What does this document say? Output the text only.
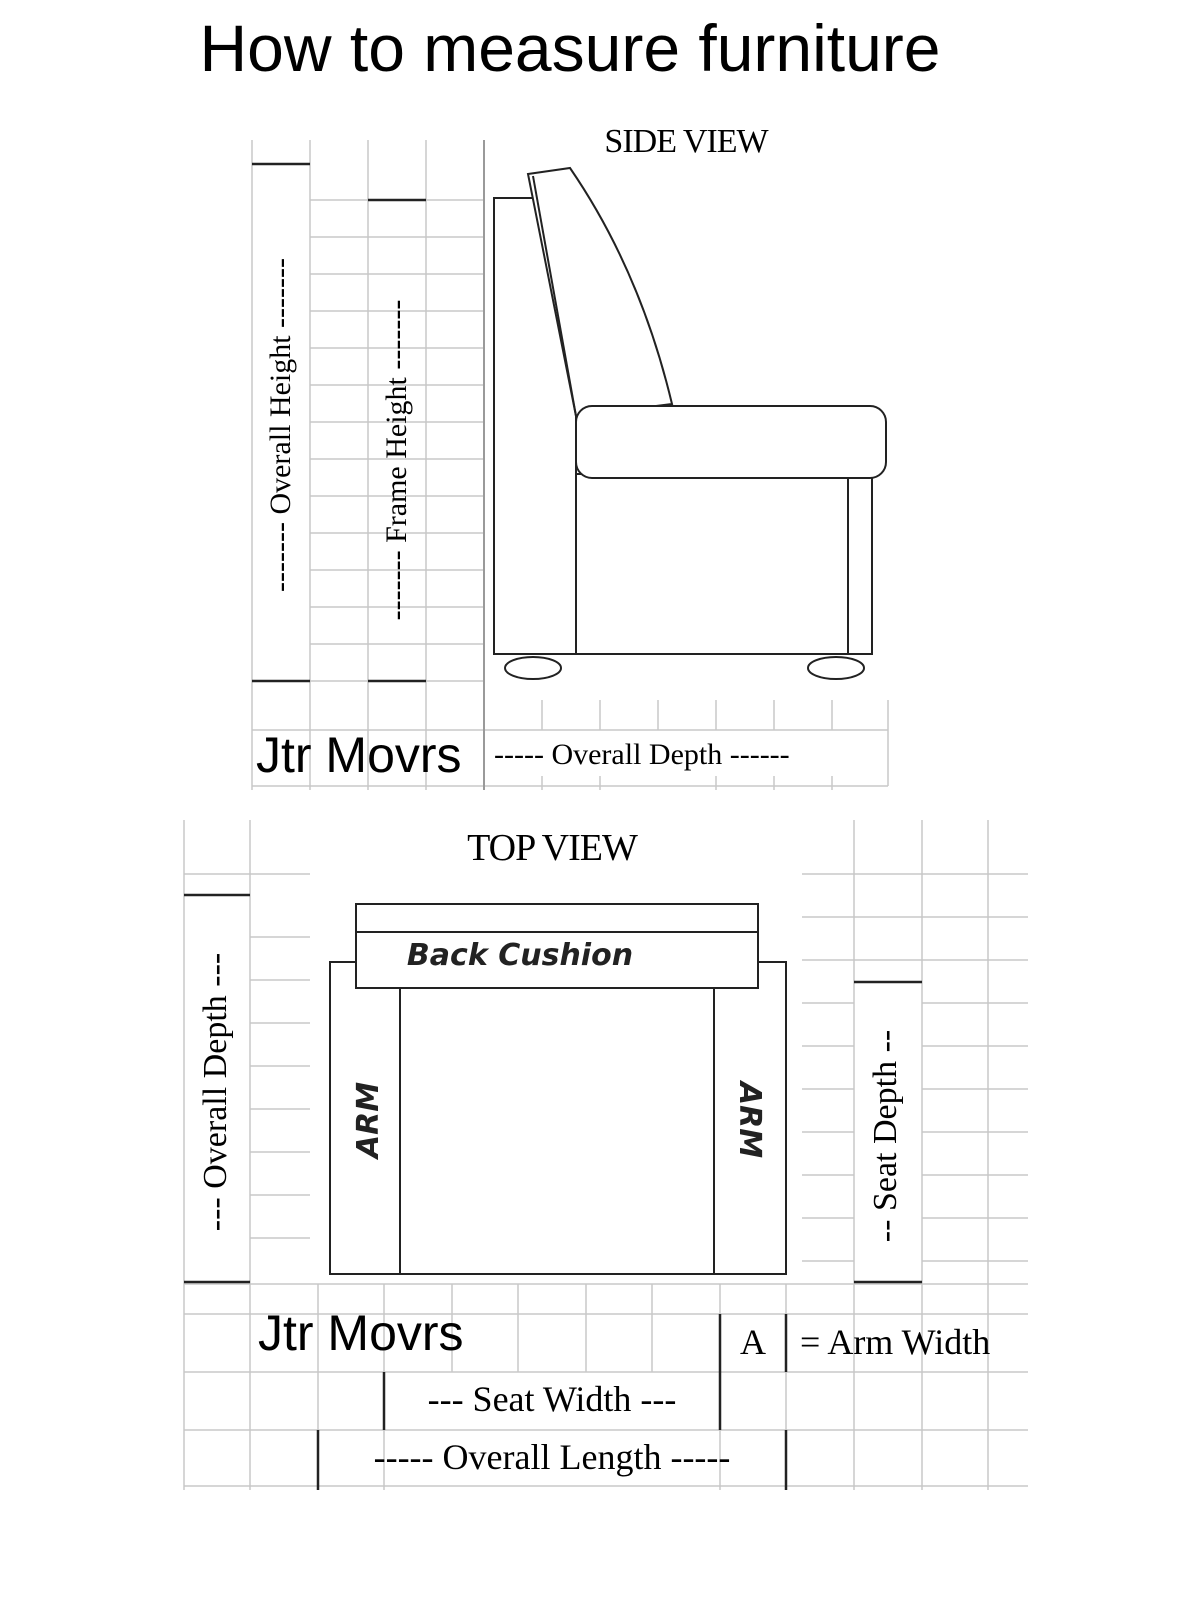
How to measure furniture
SIDE VIEW
------- Overall Height -------	------- Frame Height -------
----- Overall Depth ------
Jtr Movrs
TOP VIEW
Back Cushion
ARM	ARM
--- Overall Depth ---	-- Seat Depth --
A = Arm Width
--- Seat Width ---
----- Overall Length -----
Jtr Movrs
